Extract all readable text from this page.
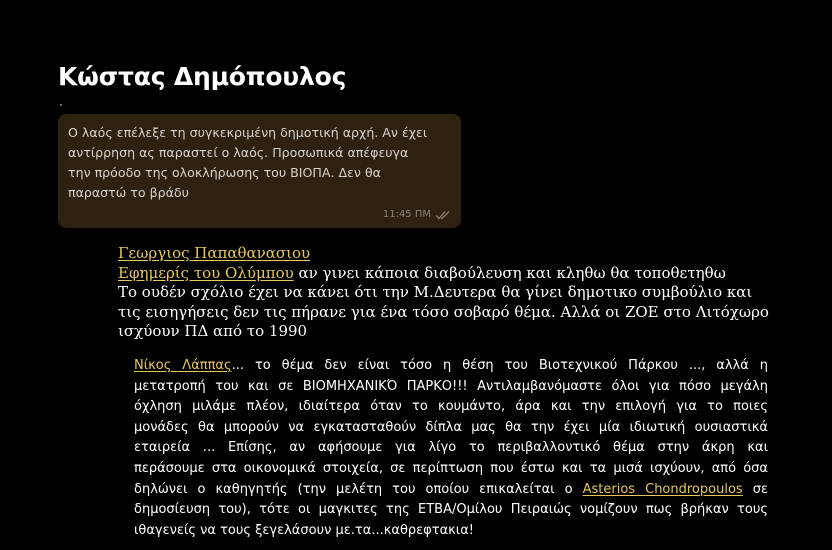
Κώστας Δημόπουλος

Ο λαός επέλεξε τη συγκεκριμένη δημοτική αρχή. Αν έχει
αντίρρηση ας παραστεί ο λαός. Προσωπικά απέφευγα
την πρόοδο της ολοκλήρωσης του ΒΙΟΠΑ. Δεν θα
παραστώ το βράδυ

11:45 ΠΜ
Γεωργιος Παπαθανασιου
Εφημερίς του Ολύμπου αν γινει κάποια διαβούλευση και κληθω θα τοποθετηθω
Το ουδέν σχόλιο έχει να κάνει ότι την Μ.Δευτερα θα γίνει δημοτικο συμβούλιο και
τις εισηγήσεις δεν τις πήρανε για ένα τόσο σοβαρό θέμα. Αλλά οι ΖΟΕ στο Λιτόχωρο
ισχύουν ΠΔ από το 1990
Νίκος Λάππας... το θέμα δεν είναι τόσο η θέση του Βιοτεχνικού Πάρκου ..., αλλά η
μετατροπή του και σε ΒΙΟΜΗΧΑΝΙΚΌ ΠΑΡΚΟ!!! Αντιλαμβανόμαστε όλοι για πόσο μεγάλη
όχληση μιλάμε πλέον, ιδιαίτερα όταν το κουμάντο, άρα και την επιλογή για το ποιες
μονάδες θα μπορούν να εγκατασταθούν δίπλα μας θα την έχει μία ιδιωτική ουσιαστικά
εταιρεία ... Επίσης, αν αφήσουμε για λίγο το περιβαλλοντικό θέμα στην άκρη και
περάσουμε στα οικονομικά στοιχεία, σε περίπτωση που έστω και τα μισά ισχύουν, από όσα
δηλώνει ο καθηγητής (την μελέτη του οποίου επικαλείται ο Asterios Chondropoulos σε
δημοσίευση του), τότε οι μαγκιτες της ΕΤΒΑ/Ομίλου Πειραιώς νομίζουν πως βρήκαν τους
ιθαγενείς να τους ξεγελάσουν με.τα...καθρεφτακια!
